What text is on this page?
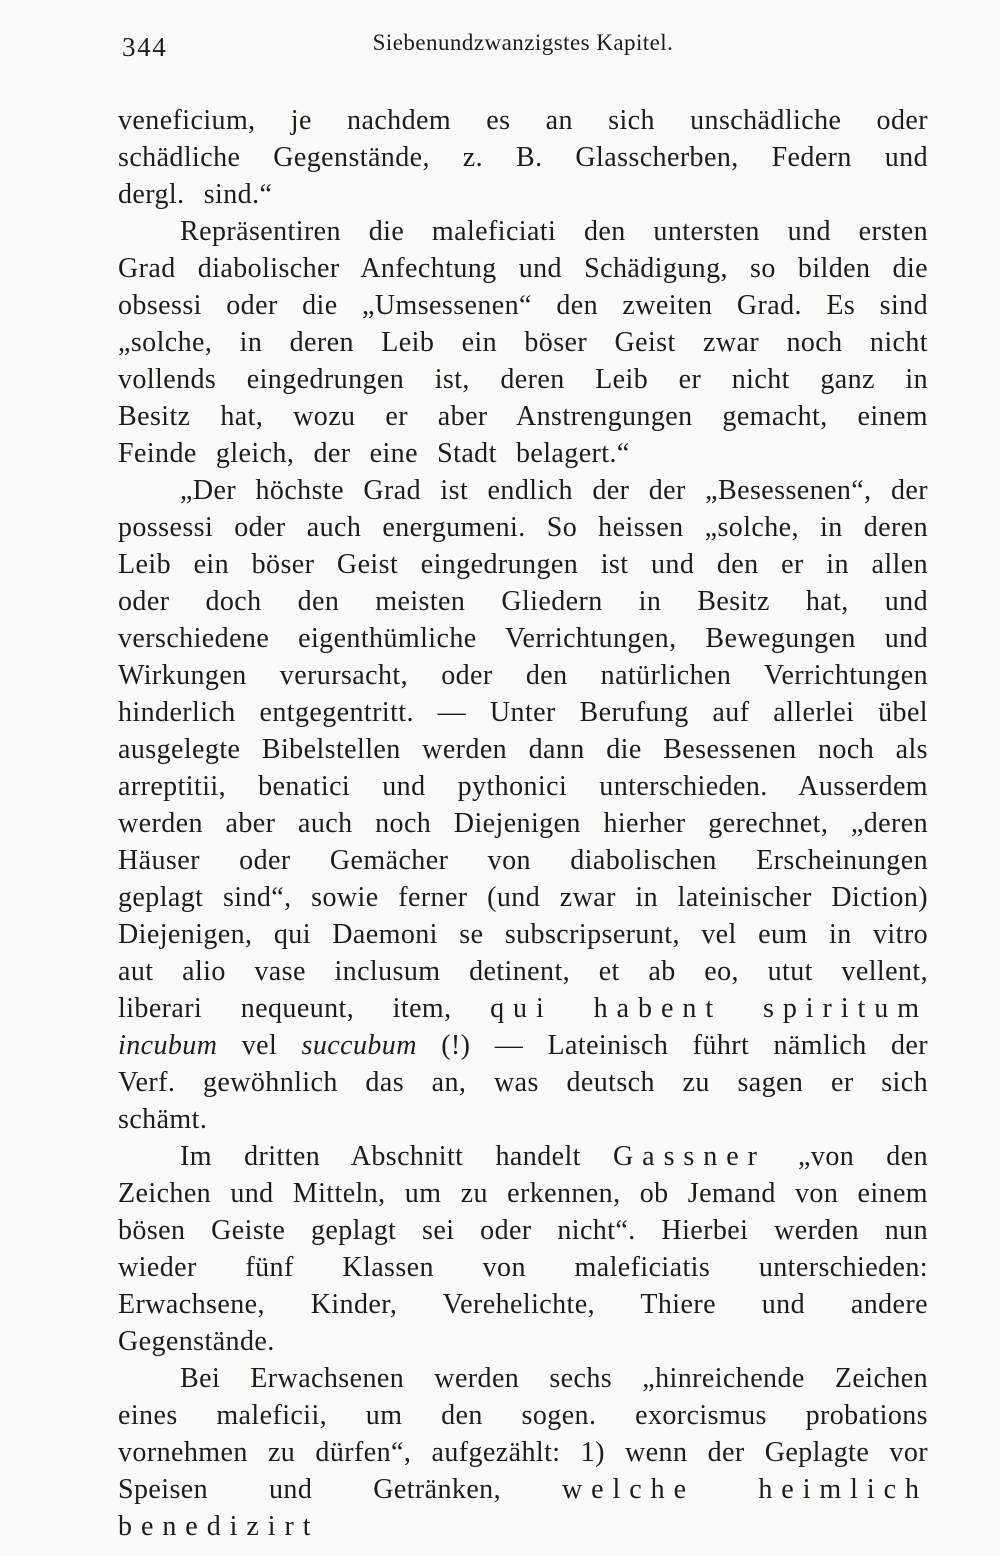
344	Siebenundzwanzigstes Kapitel.

veneficium, je nachdem es an sich unschädliche oder schädliche Gegenstände, z. B. Glasscherben, Federn und dergl. sind.“

Repräsentiren die maleficiati den untersten und ersten Grad diabolischer Anfechtung und Schädigung, so bilden die obsessi oder die „Umsessenen“ den zweiten Grad. Es sind „solche, in deren Leib ein böser Geist zwar noch nicht vollends eingedrungen ist, deren Leib er nicht ganz in Besitz hat, wozu er aber Anstrengungen gemacht, einem Feinde gleich, der eine Stadt belagert.“

„Der höchste Grad ist endlich der der „Besessenen“, der possessi oder auch energumeni. So heissen „solche, in deren Leib ein böser Geist eingedrungen ist und den er in allen oder doch den meisten Gliedern in Besitz hat, und verschiedene eigenthümliche Verrichtungen, Bewegungen und Wirkungen verursacht, oder den natürlichen Verrichtungen hinderlich entgegentritt. — Unter Berufung auf allerlei übel ausgelegte Bibelstellen werden dann die Besessenen noch als arreptitii, benatici und pythonici unterschieden. Ausserdem werden aber auch noch Diejenigen hierher gerechnet, „deren Häuser oder Gemächer von diabolischen Erscheinungen geplagt sind“, sowie ferner (und zwar in lateinischer Diction) Diejenigen, qui Daemoni se subscripserunt, vel eum in vitro aut alio vase inclusum detinent, et ab eo, utut vellent, liberari nequeunt, item, qui habent spiritum incubum vel succubum (!) — Lateinisch führt nämlich der Verf. gewöhnlich das an, was deutsch zu sagen er sich schämt.

Im dritten Abschnitt handelt Gassner „von den Zeichen und Mitteln, um zu erkennen, ob Jemand von einem bösen Geiste geplagt sei oder nicht“. Hierbei werden nun wieder fünf Klassen von maleficiatis unterschieden: Erwachsene, Kinder, Verehelichte, Thiere und andere Gegenstände.

Bei Erwachsenen werden sechs „hinreichende Zeichen eines maleficii, um den sogen. exorcismus probations vornehmen zu dürfen“, aufgezählt: 1) wenn der Geplagte vor Speisen und Getränken, welche heimlich benedizirt
